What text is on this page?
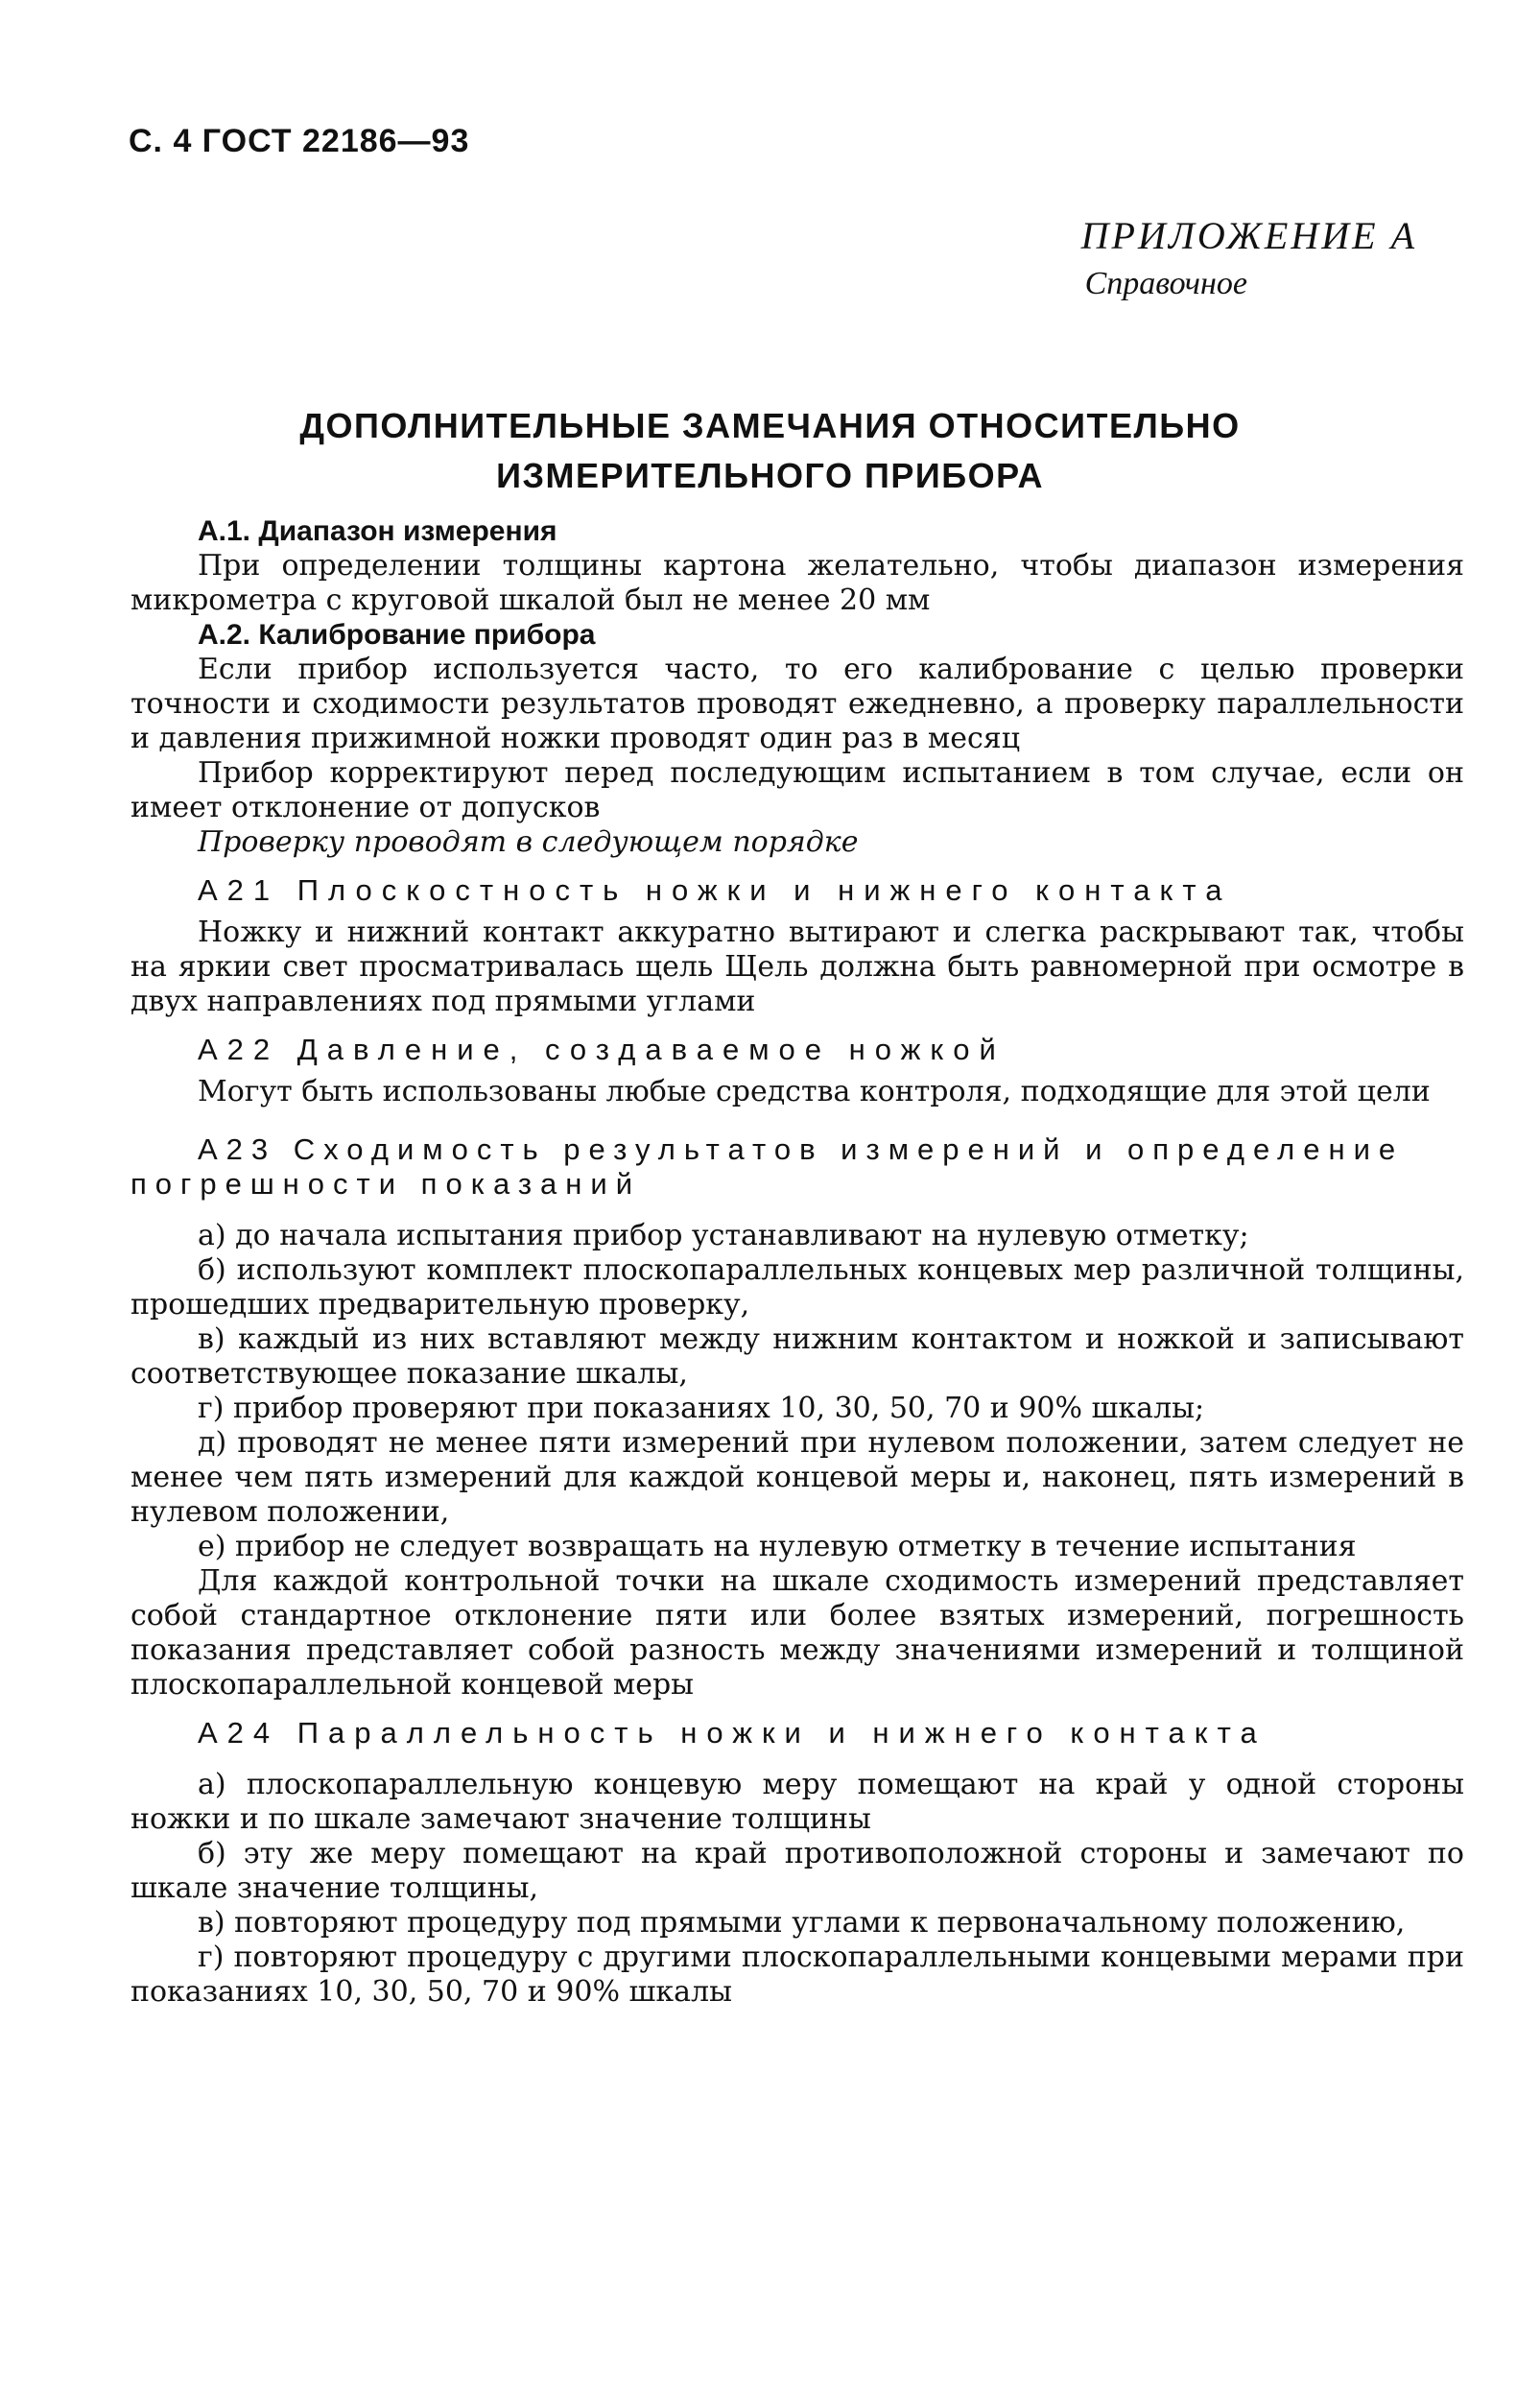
С. 4 ГОСТ 22186—93
ПРИЛОЖЕНИЕ А
Справочное
ДОПОЛНИТЕЛЬНЫЕ ЗАМЕЧАНИЯ ОТНОСИТЕЛЬНО
ИЗМЕРИТЕЛЬНОГО ПРИБОРА
А.1. Диапазон измерения

При определении толщины картона желательно, чтобы диапазон измерения микрометра с круговой шкалой был не менее 20 мм

А.2. Калибрование прибора

Если прибор используется часто, то его калибрование с целью проверки точности и сходимости результатов проводят ежедневно, а проверку параллельности и давления прижимной ножки проводят один раз в месяц

Прибор корректируют перед последующим испытанием в том случае, если он имеет отклонение от допусков

Проверку проводят в следующем порядке

А21 Плоскостность ножки и нижнего контакта

Ножку и нижний контакт аккуратно вытирают и слегка раскрывают так, чтобы на яркии свет просматривалась щель Щель должна быть равномерной при осмотре в двух направлениях под прямыми углами

А22 Давление, создаваемое ножкой

Могут быть использованы любые средства контроля, подходящие для этой цели

А23 Сходимость результатов измерений и определение погрешности показаний

а) до начала испытания прибор устанавливают на нулевую отметку;

б) используют комплект плоскопараллельных концевых мер различной толщины, прошедших предварительную проверку,

в) каждый из них вставляют между нижним контактом и ножкой и записывают соответствующее показание шкалы,

г) прибор проверяют при показаниях 10, 30, 50, 70 и 90% шкалы;

д) проводят не менее пяти измерений при нулевом положении, затем следует не менее чем пять измерений для каждой концевой меры и, наконец, пять измерений в нулевом положении,

е) прибор не следует возвращать на нулевую отметку в течение испытания

Для каждой контрольной точки на шкале сходимость измерений представляет собой стандартное отклонение пяти или более взятых измерений, погрешность показания представляет собой разность между значениями измерений и толщиной плоскопараллельной концевой меры

А24 Параллельность ножки и нижнего контакта

а) плоскопараллельную концевую меру помещают на край у одной стороны ножки и по шкале замечают значение толщины

б) эту же меру помещают на край противоположной стороны и замечают по шкале значение толщины,

в) повторяют процедуру под прямыми углами к первоначальному положению,

г) повторяют процедуру с другими плоскопараллельными концевыми мерами при показаниях 10, 30, 50, 70 и 90% шкалы
